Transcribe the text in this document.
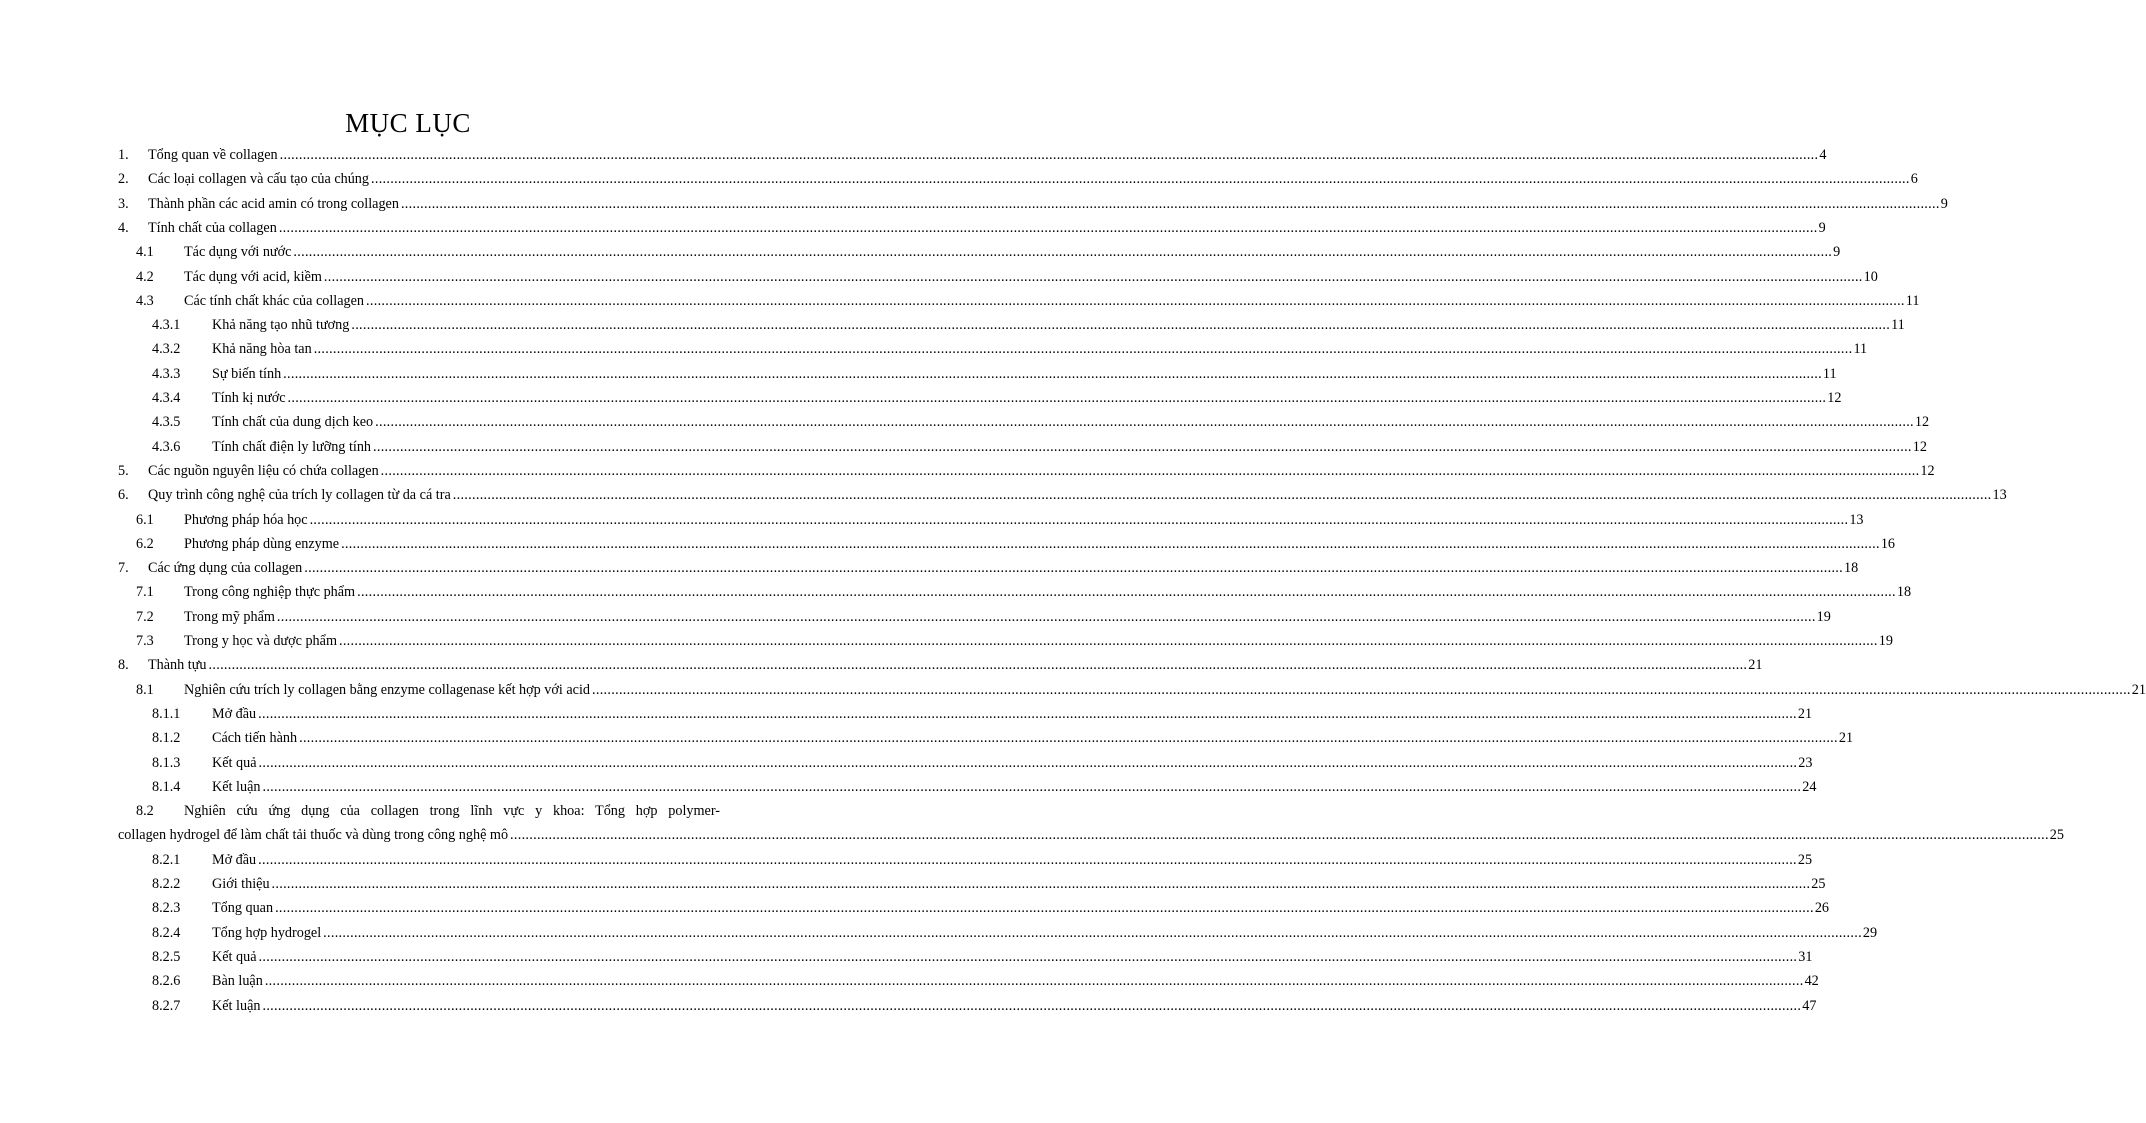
MỤC LỤC
1.	Tổng quan về collagen ................................................................................................................................................................................................................................................................................................................................................................................................................ 4
2.	Các loại collagen và cấu tạo của chúng ................................................................................................................................................................................................................................................................................................................................................................................................................ 6
3.	Thành phần các acid amin có trong collagen ................................................................................................................................................................................................................................................................................................................................................................................................................ 9
4.	Tính chất của collagen ................................................................................................................................................................................................................................................................................................................................................................................................................ 9
4.1	Tác dụng với nước ................................................................................................................................................................................................................................................................................................................................................................................................................ 9
4.2	Tác dụng với acid, kiềm ................................................................................................................................................................................................................................................................................................................................................................................................................ 10
4.3	Các tính chất khác của collagen ................................................................................................................................................................................................................................................................................................................................................................................................................ 11
4.3.1	Khả năng tạo nhũ tương ................................................................................................................................................................................................................................................................................................................................................................................................................ 11
4.3.2	Khả năng hòa tan ................................................................................................................................................................................................................................................................................................................................................................................................................ 11
4.3.3	Sự biến tính ................................................................................................................................................................................................................................................................................................................................................................................................................ 11
4.3.4	Tính kị nước ................................................................................................................................................................................................................................................................................................................................................................................................................ 12
4.3.5	Tính chất của dung dịch keo ................................................................................................................................................................................................................................................................................................................................................................................................................ 12
4.3.6	Tính chất điện ly lưỡng tính ................................................................................................................................................................................................................................................................................................................................................................................................................ 12
5.	Các nguồn nguyên liệu có chứa collagen ................................................................................................................................................................................................................................................................................................................................................................................................................ 12
6.	Quy trình công nghệ của trích ly collagen từ da cá tra ................................................................................................................................................................................................................................................................................................................................................................................................................ 13
6.1	Phương pháp hóa học ................................................................................................................................................................................................................................................................................................................................................................................................................ 13
6.2	Phương pháp dùng enzyme ................................................................................................................................................................................................................................................................................................................................................................................................................ 16
7.	Các ứng dụng của collagen ................................................................................................................................................................................................................................................................................................................................................................................................................ 18
7.1	Trong công nghiệp thực phẩm ................................................................................................................................................................................................................................................................................................................................................................................................................ 18
7.2	Trong mỹ phẩm ................................................................................................................................................................................................................................................................................................................................................................................................................ 19
7.3	Trong y học và dược phẩm ................................................................................................................................................................................................................................................................................................................................................................................................................ 19
8.	Thành tựu ................................................................................................................................................................................................................................................................................................................................................................................................................ 21
8.1	Nghiên cứu trích ly collagen bằng enzyme collagenase kết hợp với acid ................................................................................................................................................................................................................................................................................................................................................................................................................ 21
8.1.1	Mở đầu ................................................................................................................................................................................................................................................................................................................................................................................................................ 21
8.1.2	Cách tiến hành ................................................................................................................................................................................................................................................................................................................................................................................................................ 21
8.1.3	Kết quả ................................................................................................................................................................................................................................................................................................................................................................................................................ 23
8.1.4	Kết luận ................................................................................................................................................................................................................................................................................................................................................................................................................ 24
8.2	Nghiên cứu ứng dụng của collagen trong lĩnh vực y khoa: Tổng hợp polymer-
collagen hydrogel để làm chất tải thuốc và dùng trong công nghệ mô ................................................................................................................................................................................................................................................................................................................................................................................................................ 25
8.2.1	Mở đầu ................................................................................................................................................................................................................................................................................................................................................................................................................ 25
8.2.2	Giới thiệu ................................................................................................................................................................................................................................................................................................................................................................................................................ 25
8.2.3	Tổng quan ................................................................................................................................................................................................................................................................................................................................................................................................................ 26
8.2.4	Tổng hợp hydrogel ................................................................................................................................................................................................................................................................................................................................................................................................................ 29
8.2.5	Kết quả ................................................................................................................................................................................................................................................................................................................................................................................................................ 31
8.2.6	Bàn luận ................................................................................................................................................................................................................................................................................................................................................................................................................ 42
8.2.7	Kết luận ................................................................................................................................................................................................................................................................................................................................................................................................................ 47
